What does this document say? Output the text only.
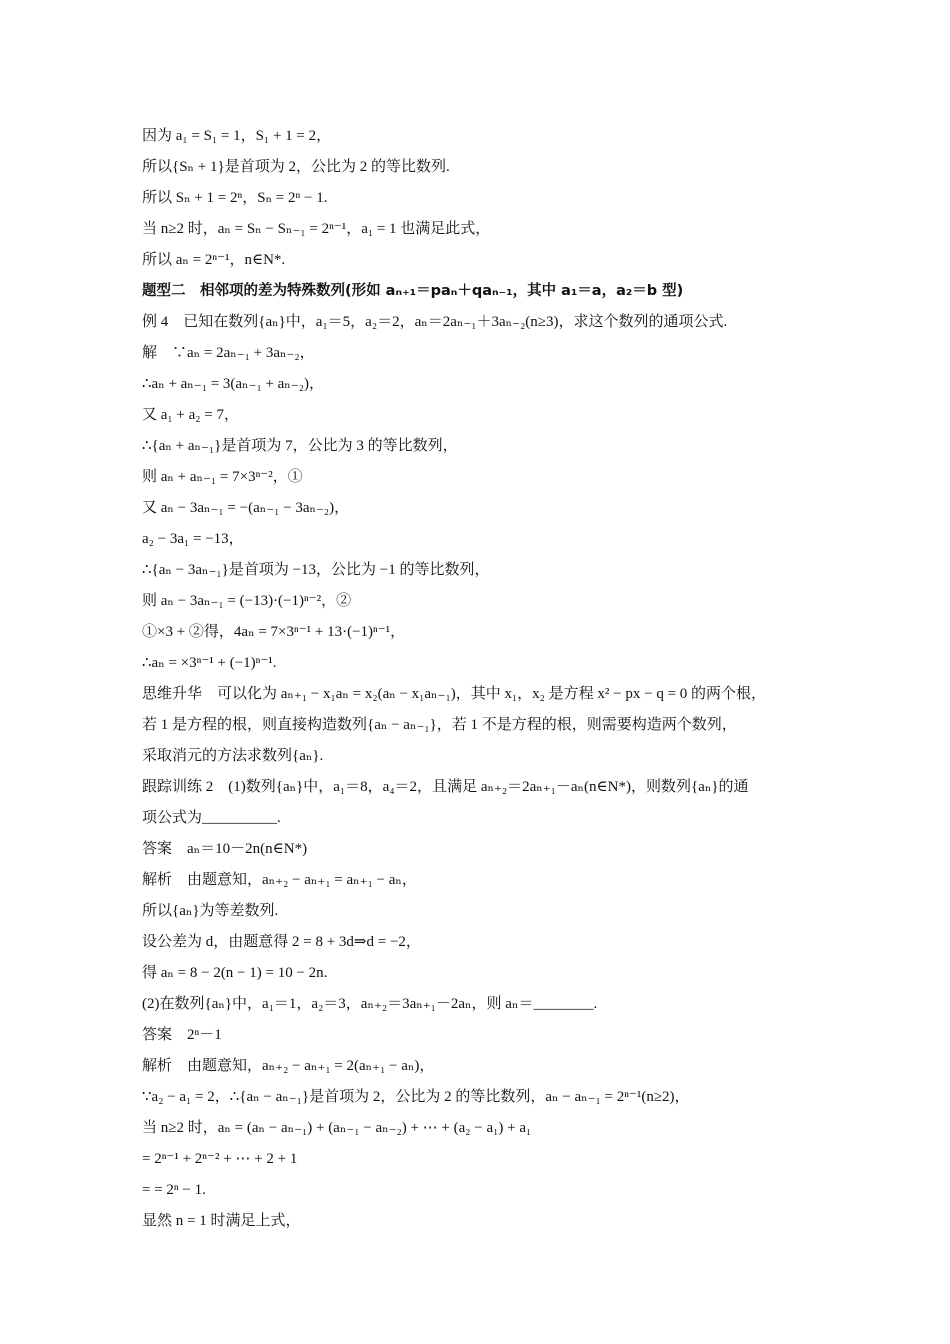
因为 a₁ = S₁ = 1，S₁ + 1 = 2，
所以{Sₙ + 1}是首项为 2，公比为 2 的等比数列.
所以 Sₙ + 1 = 2ⁿ，Sₙ = 2ⁿ − 1.
当 n≥2 时，aₙ = Sₙ − Sₙ₋₁ = 2ⁿ⁻¹，a₁ = 1 也满足此式，
所以 aₙ = 2ⁿ⁻¹，n∈N*.
题型二　相邻项的差为特殊数列(形如 aₙ₊₁＝paₙ＋qaₙ₋₁，其中 a₁＝a，a₂＝b 型)
例 4　已知在数列{aₙ}中，a₁＝5，a₂＝2，aₙ＝2aₙ₋₁＋3aₙ₋₂(n≥3)，求这个数列的通项公式.
解　∵aₙ = 2aₙ₋₁ + 3aₙ₋₂，
∴aₙ + aₙ₋₁ = 3(aₙ₋₁ + aₙ₋₂)，
又 a₁ + a₂ = 7，
∴{aₙ + aₙ₋₁}是首项为 7，公比为 3 的等比数列，
则 aₙ + aₙ₋₁ = 7×3ⁿ⁻²，①
又 aₙ − 3aₙ₋₁ = −(aₙ₋₁ − 3aₙ₋₂)，
a₂ − 3a₁ = −13，
∴{aₙ − 3aₙ₋₁}是首项为 −13，公比为 −1 的等比数列，
则 aₙ − 3aₙ₋₁ = (−13)·(−1)ⁿ⁻²，②
①×3 + ②得，4aₙ = 7×3ⁿ⁻¹ + 13·(−1)ⁿ⁻¹，
∴aₙ = ×3ⁿ⁻¹ + (−1)ⁿ⁻¹.
思维升华　可以化为 aₙ₊₁ − x₁aₙ = x₂(aₙ − x₁aₙ₋₁)，其中 x₁，x₂ 是方程 x² − px − q = 0 的两个根，
若 1 是方程的根，则直接构造数列{aₙ − aₙ₋₁}，若 1 不是方程的根，则需要构造两个数列，
采取消元的方法求数列{aₙ}.
跟踪训练 2　(1)数列{aₙ}中，a₁＝8，a₄＝2，且满足 aₙ₊₂＝2aₙ₊₁－aₙ(n∈N*)，则数列{aₙ}的通
项公式为__________.
答案　aₙ＝10－2n(n∈N*)
解析　由题意知，aₙ₊₂ − aₙ₊₁ = aₙ₊₁ − aₙ，
所以{aₙ}为等差数列.
设公差为 d，由题意得 2 = 8 + 3d⇒d = −2，
得 aₙ = 8 − 2(n − 1) = 10 − 2n.
(2)在数列{aₙ}中，a₁＝1，a₂＝3，aₙ₊₂＝3aₙ₊₁－2aₙ，则 aₙ＝________.
答案　2ⁿ－1
解析　由题意知，aₙ₊₂ − aₙ₊₁ = 2(aₙ₊₁ − aₙ)，
∵a₂ − a₁ = 2，∴{aₙ − aₙ₋₁}是首项为 2，公比为 2 的等比数列，aₙ − aₙ₋₁ = 2ⁿ⁻¹(n≥2)，
当 n≥2 时，aₙ = (aₙ − aₙ₋₁) + (aₙ₋₁ − aₙ₋₂) + ⋯ + (a₂ − a₁) + a₁
= 2ⁿ⁻¹ + 2ⁿ⁻² + ⋯ + 2 + 1
= = 2ⁿ − 1.
显然 n = 1 时满足上式，
